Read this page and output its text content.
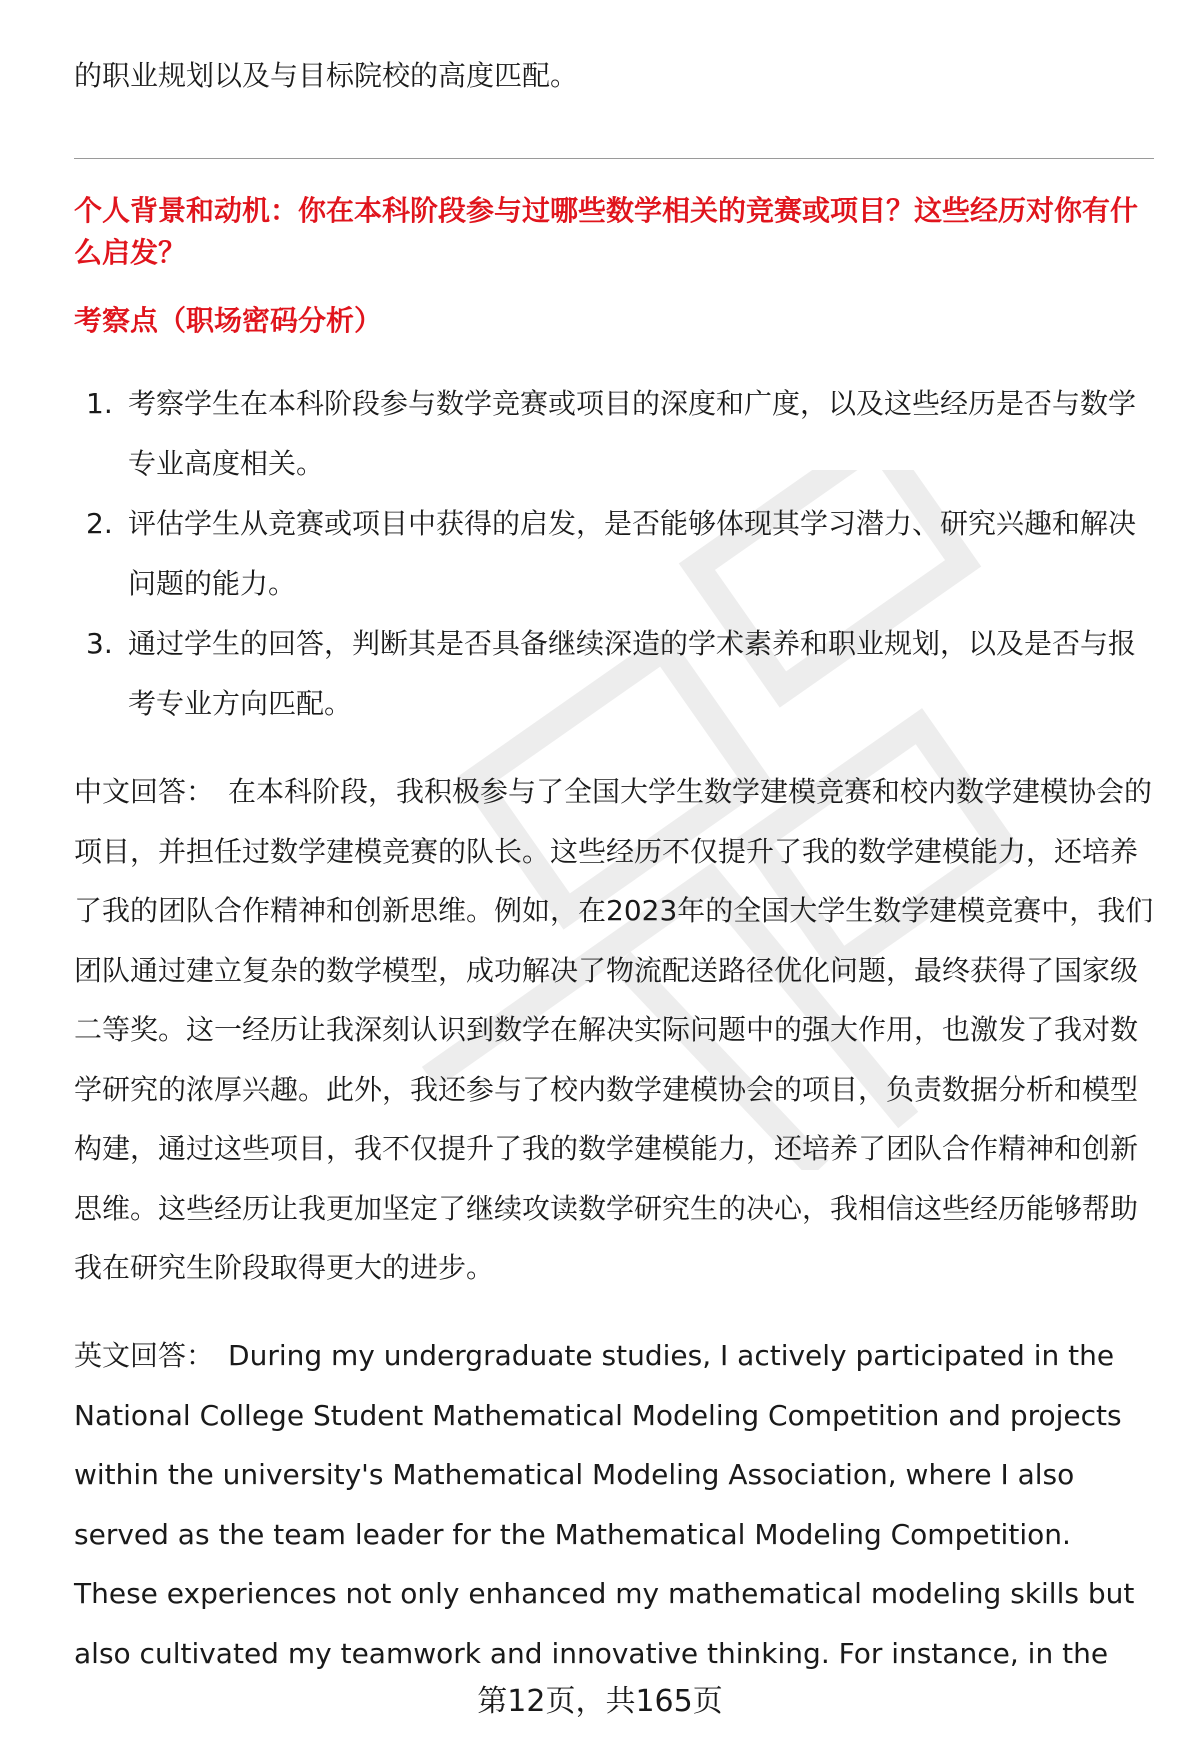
的职业规划以及与目标院校的高度匹配。
个人背景和动机：你在本科阶段参与过哪些数学相关的竞赛或项目？这些经历对你有什么启发？
考察点（职场密码分析）
1. 考察学生在本科阶段参与数学竞赛或项目的深度和广度，以及这些经历是否与数学专业高度相关。
2. 评估学生从竞赛或项目中获得的启发，是否能够体现其学习潜力、研究兴趣和解决问题的能力。
3. 通过学生的回答，判断其是否具备继续深造的学术素养和职业规划，以及是否与报考专业方向匹配。

中文回答： 在本科阶段，我积极参与了全国大学生数学建模竞赛和校内数学建模协会的项目，并担任过数学建模竞赛的队长。这些经历不仅提升了我的数学建模能力，还培养了我的团队合作精神和创新思维。例如，在2023年的全国大学生数学建模竞赛中，我们团队通过建立复杂的数学模型，成功解决了物流配送路径优化问题，最终获得了国家级二等奖。这一经历让我深刻认识到数学在解决实际问题中的强大作用，也激发了我对数学研究的浓厚兴趣。此外，我还参与了校内数学建模协会的项目，负责数据分析和模型构建，通过这些项目，我不仅提升了我的数学建模能力，还培养了团队合作精神和创新思维。这些经历让我更加坚定了继续攻读数学研究生的决心，我相信这些经历能够帮助我在研究生阶段取得更大的进步。

英文回答： During my undergraduate studies, I actively participated in the National College Student Mathematical Modeling Competition and projects within the university's Mathematical Modeling Association, where I also served as the team leader for the Mathematical Modeling Competition. These experiences not only enhanced my mathematical modeling skills but also cultivated my teamwork and innovative thinking. For instance, in the

第12页，共165页
